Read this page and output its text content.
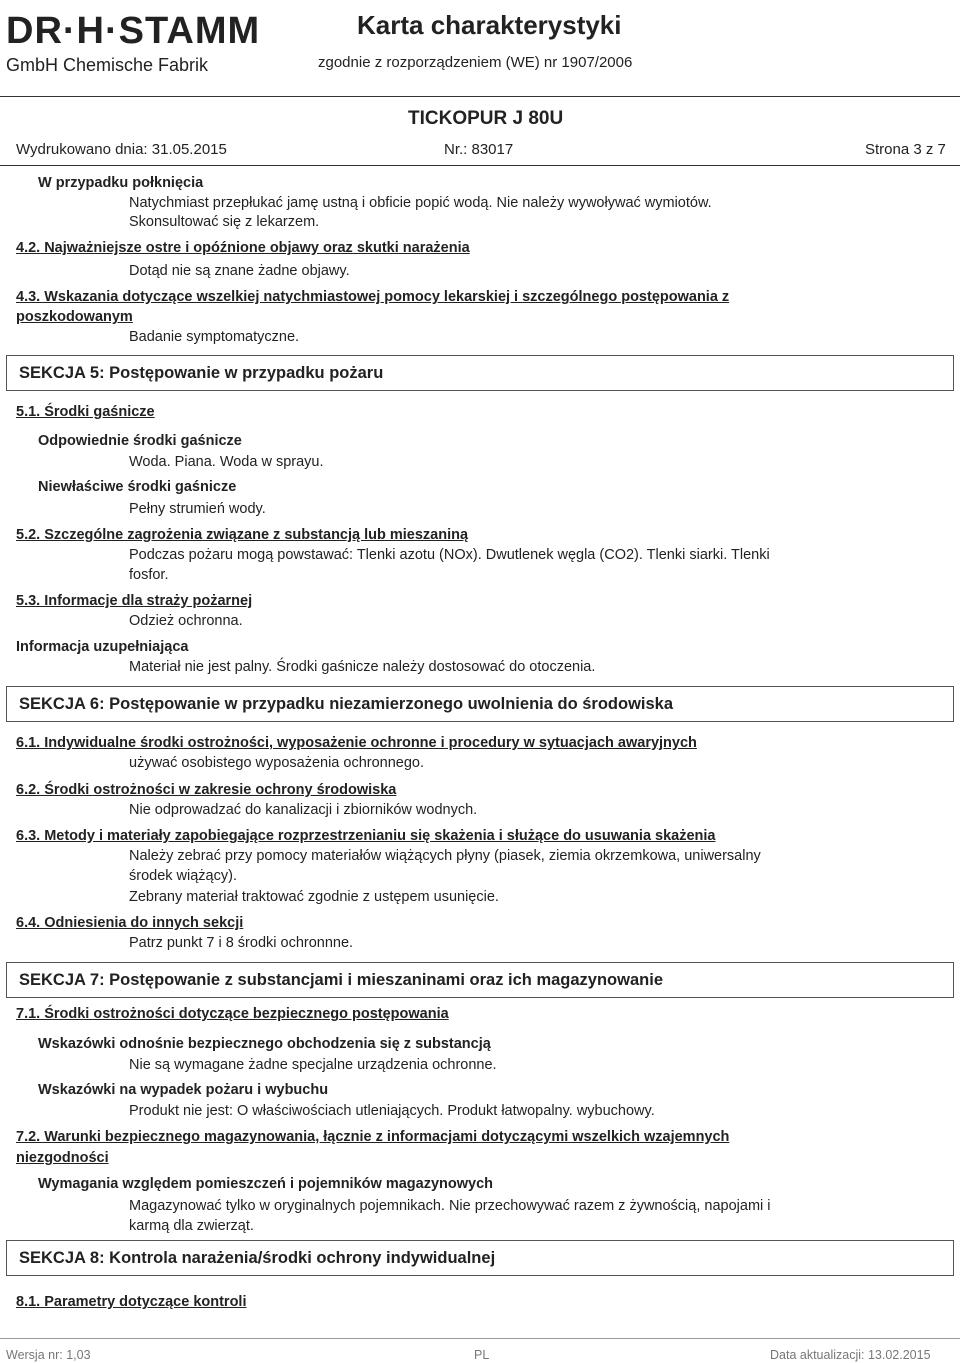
DR·H·STAMM
GmbH Chemische Fabrik
Karta charakterystyki
zgodnie z rozporządzeniem (WE) nr 1907/2006
TICKOPUR J 80U
Wydrukowano dnia: 31.05.2015	Nr.: 83017	Strona 3 z 7
W przypadku połknięcia
Natychmiast przepłukać jamę ustną i obficie popić wodą. Nie należy wywoływać wymiotów.
Skonsultować się z lekarzem.
4.2. Najważniejsze ostre i opóźnione objawy oraz skutki narażenia
Dotąd nie są znane żadne objawy.
4.3. Wskazania dotyczące wszelkiej natychmiastowej pomocy lekarskiej i szczególnego postępowania z
poszkodowanym
Badanie symptomatyczne.
SEKCJA 5: Postępowanie w przypadku pożaru
5.1. Środki gaśnicze
Odpowiednie środki gaśnicze
Woda. Piana. Woda w sprayu.
Niewłaściwe środki gaśnicze
Pełny strumień wody.
5.2. Szczególne zagrożenia związane z substancją lub mieszaniną
Podczas pożaru mogą powstawać: Tlenki azotu (NOx). Dwutlenek węgla (CO2). Tlenki siarki. Tlenki
fosfor.
5.3. Informacje dla straży pożarnej
Odzież ochronna.
Informacja uzupełniająca
Materiał nie jest palny. Środki gaśnicze należy dostosować do otoczenia.
SEKCJA 6: Postępowanie w przypadku niezamierzonego uwolnienia do środowiska
6.1. Indywidualne środki ostrożności, wyposażenie ochronne i procedury w sytuacjach awaryjnych
używać osobistego wyposażenia ochronnego.
6.2. Środki ostrożności w zakresie ochrony środowiska
Nie odprowadzać do kanalizacji i zbiorników wodnych.
6.3. Metody i materiały zapobiegające rozprzestrzenianiu się skażenia i służące do usuwania skażenia
Należy zebrać przy pomocy materiałów wiążących płyny (piasek, ziemia okrzemkowa, uniwersalny
środek wiążący).
Zebrany materiał traktować zgodnie z ustępem usunięcie.
6.4. Odniesienia do innych sekcji
Patrz punkt 7 i 8 środki ochronnne.
SEKCJA 7: Postępowanie z substancjami i mieszaninami oraz ich magazynowanie
7.1. Środki ostrożności dotyczące bezpiecznego postępowania
Wskazówki odnośnie bezpiecznego obchodzenia się z substancją
Nie są wymagane żadne specjalne urządzenia ochronne.
Wskazówki na wypadek pożaru i wybuchu
Produkt nie jest: O właściwościach utleniających. Produkt łatwopalny. wybuchowy.
7.2. Warunki bezpiecznego magazynowania, łącznie z informacjami dotyczącymi wszelkich wzajemnych
niezgodności
Wymagania względem pomieszczeń i pojemników magazynowych
Magazynować tylko w oryginalnych pojemnikach. Nie przechowywać razem z żywnością, napojami i
karmą dla zwierząt.
SEKCJA 8: Kontrola narażenia/środki ochrony indywidualnej
8.1. Parametry dotyczące kontroli
Wersja nr: 1,03	PL	Data aktualizacji: 13.02.2015
